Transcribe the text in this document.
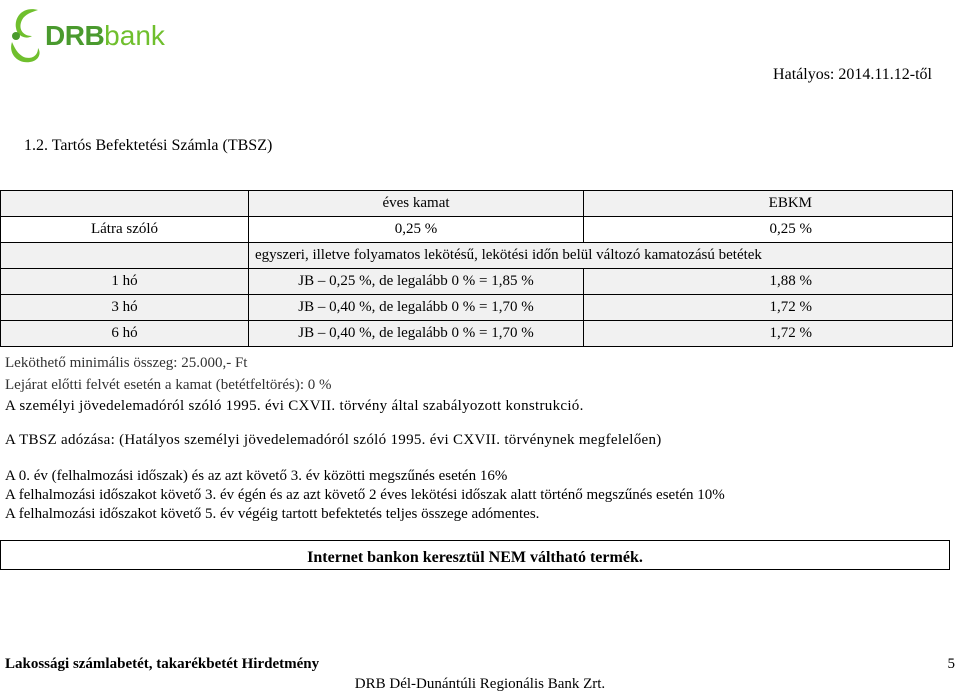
DRBbank
Hatályos: 2014.11.12-től
1.2. Tartós Befektetési Számla (TBSZ)
	éves kamat	EBKM
Látra szóló	0,25 %	0,25 %
	egyszeri, illetve folyamatos lekötésű, lekötési időn belül változó kamatozású betétek	
1 hó	JB – 0,25 %, de legalább 0 % = 1,85 %	1,88 %
3 hó	JB – 0,40 %, de legalább 0 % = 1,70 %	1,72 %
6 hó	JB – 0,40 %, de legalább 0 % = 1,70 %	1,72 %
Leköthető minimális összeg: 25.000,- Ft
Lejárat előtti felvét esetén a kamat (betétfeltörés): 0 %
A személyi jövedelemadóról szóló 1995. évi CXVII. törvény által szabályozott konstrukció.
A TBSZ adózása: (Hatályos személyi jövedelemadóról szóló 1995. évi CXVII. törvénynek megfelelően)
A 0. év (felhalmozási időszak) és az azt követő 3. év közötti megszűnés esetén 16%
A felhalmozási időszakot követő 3. év égén és az azt követő 2 éves lekötési időszak alatt történő megszűnés esetén 10%
A felhalmozási időszakot követő 5. év végéig tartott befektetés teljes összege adómentes.
Internet bankon keresztül NEM váltható termék.
Lakossági számlabetét, takarékbetét Hirdetmény	5
DRB Dél-Dunántúli Regionális Bank Zrt.
